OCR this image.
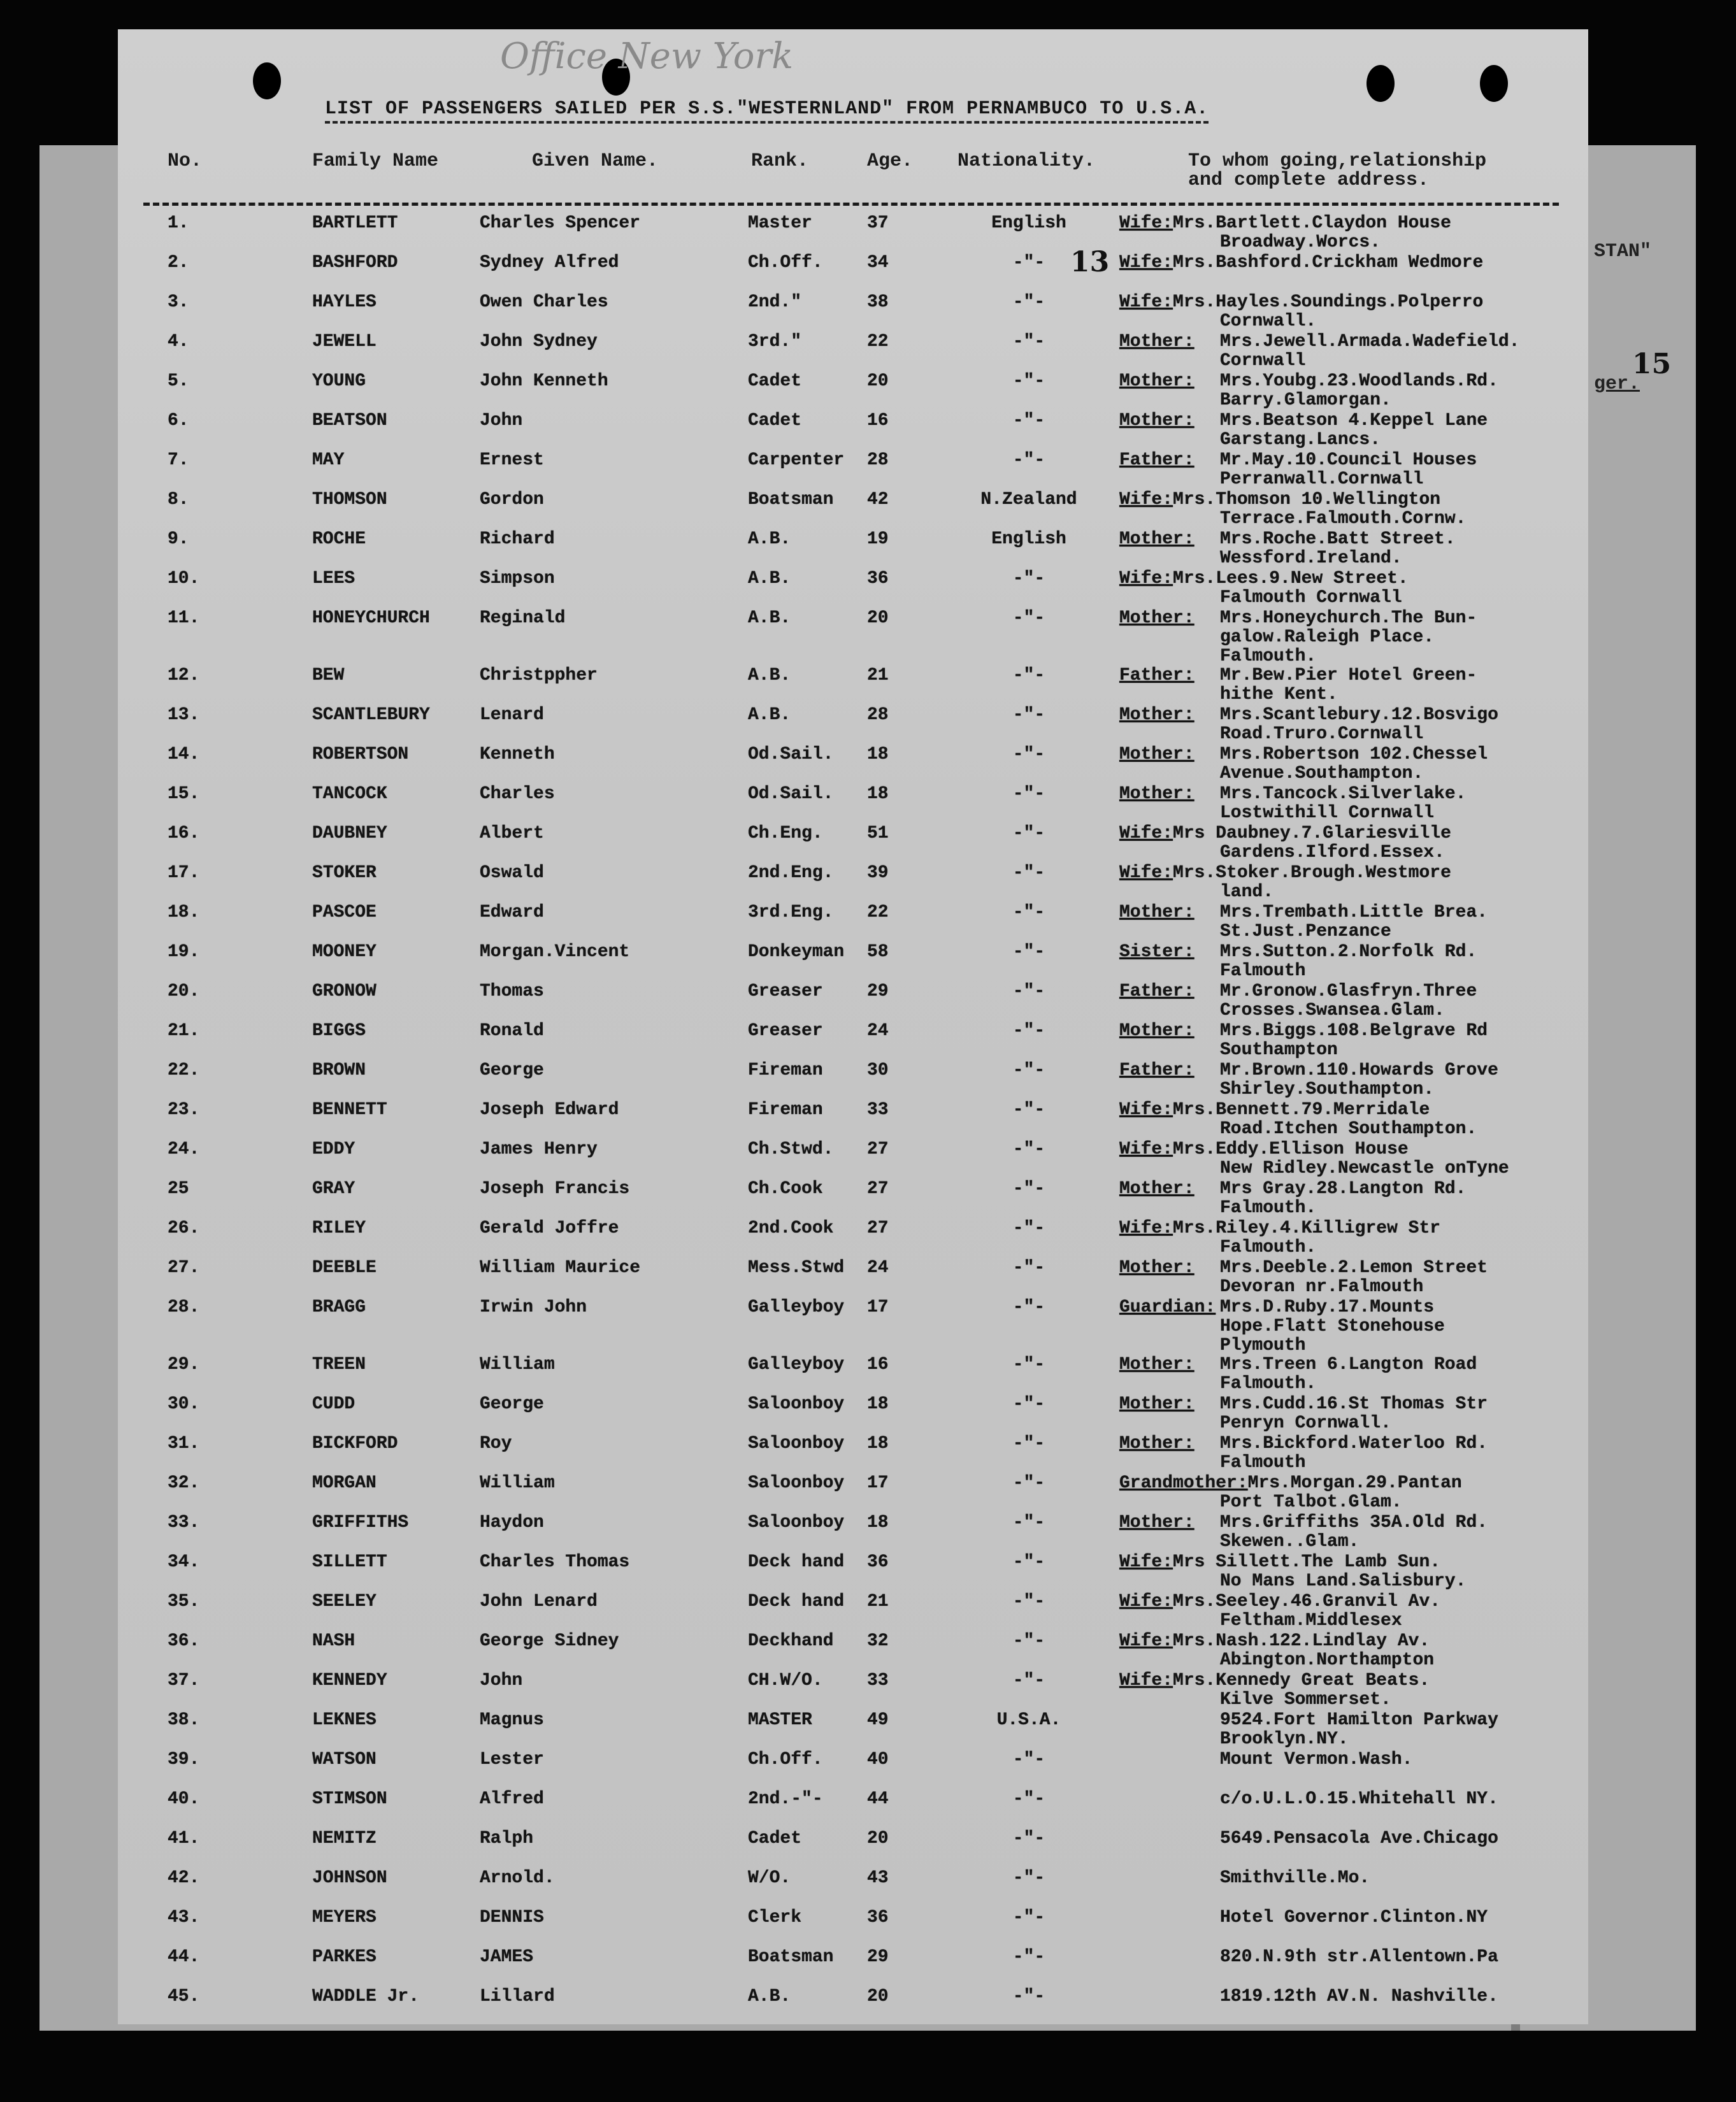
STAN"
ger.
15
Office New York
LIST OF PASSENGERS SAILED PER S.S."WESTERNLAND" FROM PERNAMBUCO TO U.S.A.
No.	Family Name	Given Name.	Rank.	Age. Nationality.	To whom going,relationship
and complete address.
13
1.	BARTLETT	Charles Spencer	Master	37	English	Wife:Mrs.Bartlett.Claydon House
Broadway.Worcs.
2.	BASHFORD	Sydney Alfred	Ch.Off. 34	-"-	Wife:Mrs.Bashford.Crickham Wedmore
3.	HAYLES	Owen Charles	2nd."	38	-"-	Wife:Mrs.Hayles.Soundings.Polperro
Cornwall.
4.	JEWELL	John Sydney	3rd."	22	-"-	Mother: Mrs.Jewell.Armada.Wadefield.
Cornwall
5.	YOUNG	John Kenneth	Cadet	20	-"-	Mother: Mrs.Youbg.23.Woodlands.Rd.
Barry.Glamorgan.
6.	BEATSON	John	Cadet	16	-"-	Mother: Mrs.Beatson 4.Keppel Lane
Garstang.Lancs.
7.	MAY	Ernest	Carpenter 28	-"-	Father: Mr.May.10.Council Houses
Perranwall.Cornwall
8.	THOMSON	Gordon	Boatsman 42	N.Zealand	Wife:Mrs.Thomson 10.Wellington
Terrace.Falmouth.Cornw.
9.	ROCHE	Richard	A.B.	19	English	Mother: Mrs.Roche.Batt Street.
Wessford.Ireland.
10.	LEES	Simpson	A.B.	36	-"-	Wife:Mrs.Lees.9.New Street.
Falmouth Cornwall
11.	HONEYCHURCH	Reginald	A.B.	20	-"-	Mother: Mrs.Honeychurch.The Bun-
galow.Raleigh Place.
Falmouth.
12.	BEW	Christppher	A.B.	21	-"-	Father: Mr.Bew.Pier Hotel Green-
hithe Kent.
13.	SCANTLEBURY	Lenard	A.B.	28	-"-	Mother: Mrs.Scantlebury.12.Bosvigo
Road.Truro.Cornwall
14.	ROBERTSON	Kenneth	Od.Sail. 18	-"-	Mother: Mrs.Robertson 102.Chessel
Avenue.Southampton.
15.	TANCOCK	Charles	Od.Sail. 18	-"-	Mother: Mrs.Tancock.Silverlake.
Lostwithill Cornwall
16.	DAUBNEY	Albert	Ch.Eng. 51	-"-	Wife:Mrs Daubney.7.Glariesville
Gardens.Ilford.Essex.
17.	STOKER	Oswald	2nd.Eng. 39	-"-	Wife:Mrs.Stoker.Brough.Westmore
land.
18.	PASCOE	Edward	3rd.Eng. 22	-"-	Mother: Mrs.Trembath.Little Brea.
St.Just.Penzance
19.	MOONEY	Morgan.Vincent	Donkeyman 58	-"-	Sister: Mrs.Sutton.2.Norfolk Rd.
Falmouth
20.	GRONOW	Thomas	Greaser 29	-"-	Father: Mr.Gronow.Glasfryn.Three
Crosses.Swansea.Glam.
21.	BIGGS	Ronald	Greaser 24	-"-	Mother: Mrs.Biggs.108.Belgrave Rd
Southampton
22.	BROWN	George	Fireman 30	-"-	Father: Mr.Brown.110.Howards Grove
Shirley.Southampton.
23.	BENNETT	Joseph Edward	Fireman 33	-"-	Wife:Mrs.Bennett.79.Merridale
Road.Itchen Southampton.
24.	EDDY	James Henry	Ch.Stwd. 27	-"-	Wife:Mrs.Eddy.Ellison House
New Ridley.Newcastle onTyne
25	GRAY	Joseph Francis	Ch.Cook 27	-"-	Mother: Mrs Gray.28.Langton Rd.
Falmouth.
26.	RILEY	Gerald Joffre	2nd.Cook 27	-"-	Wife:Mrs.Riley.4.Killigrew Str
Falmouth.
27.	DEEBLE	William Maurice	Mess.Stwd 24	-"-	Mother: Mrs.Deeble.2.Lemon Street
Devoran nr.Falmouth
28.	BRAGG	Irwin John	Galleyboy 17	-"-	Guardian: Mrs.D.Ruby.17.Mounts
Hope.Flatt Stonehouse
Plymouth
29.	TREEN	William	Galleyboy 16	-"-	Mother: Mrs.Treen 6.Langton Road
Falmouth.
30.	CUDD	George	Saloonboy 18	-"-	Mother: Mrs.Cudd.16.St Thomas Str
Penryn Cornwall.
31.	BICKFORD	Roy	Saloonboy 18	-"-	Mother: Mrs.Bickford.Waterloo Rd.
Falmouth
32.	MORGAN	William	Saloonboy 17	-"-	Grandmother:Mrs.Morgan.29.Pantan
Port Talbot.Glam.
33.	GRIFFITHS	Haydon	Saloonboy 18	-"-	Mother: Mrs.Griffiths 35A.Old Rd.
Skewen..Glam.
34.	SILLETT	Charles Thomas	Deck hand 36	-"-	Wife:Mrs Sillett.The Lamb Sun.
No Mans Land.Salisbury.
35.	SEELEY	John Lenard	Deck hand 21	-"-	Wife:Mrs.Seeley.46.Granvil Av.
Feltham.Middlesex
36.	NASH	George Sidney	Deckhand 32	-"-	Wife:Mrs.Nash.122.Lindlay Av.
Abington.Northampton
37.	KENNEDY	John	CH.W/O. 33	-"-	Wife:Mrs.Kennedy Great Beats.
Kilve Sommerset.
38.	LEKNES	Magnus	MASTER	49	U.S.A.	9524.Fort Hamilton Parkway
Brooklyn.NY.
39.	WATSON	Lester	Ch.Off. 40	-"-	Mount Vermon.Wash.
40.	STIMSON	Alfred	2nd.-"- 44	-"-	c/o.U.L.O.15.Whitehall NY.
41.	NEMITZ	Ralph	Cadet	20	-"-	5649.Pensacola Ave.Chicago
42.	JOHNSON	Arnold.	W/O.	43	-"-	Smithville.Mo.
43.	MEYERS	DENNIS	Clerk	36	-"-	Hotel Governor.Clinton.NY
44.	PARKES	JAMES	Boatsman 29	-"-	820.N.9th str.Allentown.Pa
45.	WADDLE Jr.	Lillard	A.B.	20	-"-	1819.12th AV.N. Nashville.
